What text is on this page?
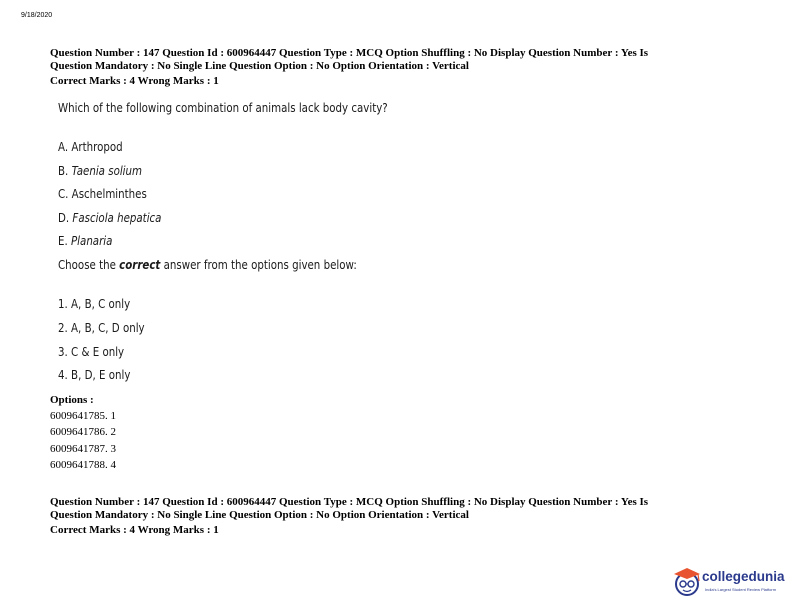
9/18/2020
Question Number : 147 Question Id : 600964447 Question Type : MCQ Option Shuffling : No Display Question Number : Yes Is
Question Mandatory : No Single Line Question Option : No Option Orientation : Vertical
Correct Marks : 4 Wrong Marks : 1
Which of the following combination of animals lack body cavity?
A. Arthropod
B. Taenia solium
C. Aschelminthes
D. Fasciola hepatica
E. Planaria
Choose the correct answer from the options given below:
1. A, B, C only
2. A, B, C, D only
3. C & E only
4. B, D, E only
Options :
6009641785. 1
6009641786. 2
6009641787. 3
6009641788. 4
Question Number : 147 Question Id : 600964447 Question Type : MCQ Option Shuffling : No Display Question Number : Yes Is
Question Mandatory : No Single Line Question Option : No Option Orientation : Vertical
Correct Marks : 4 Wrong Marks : 1
collegedunia
India's Largest Student Review Platform
